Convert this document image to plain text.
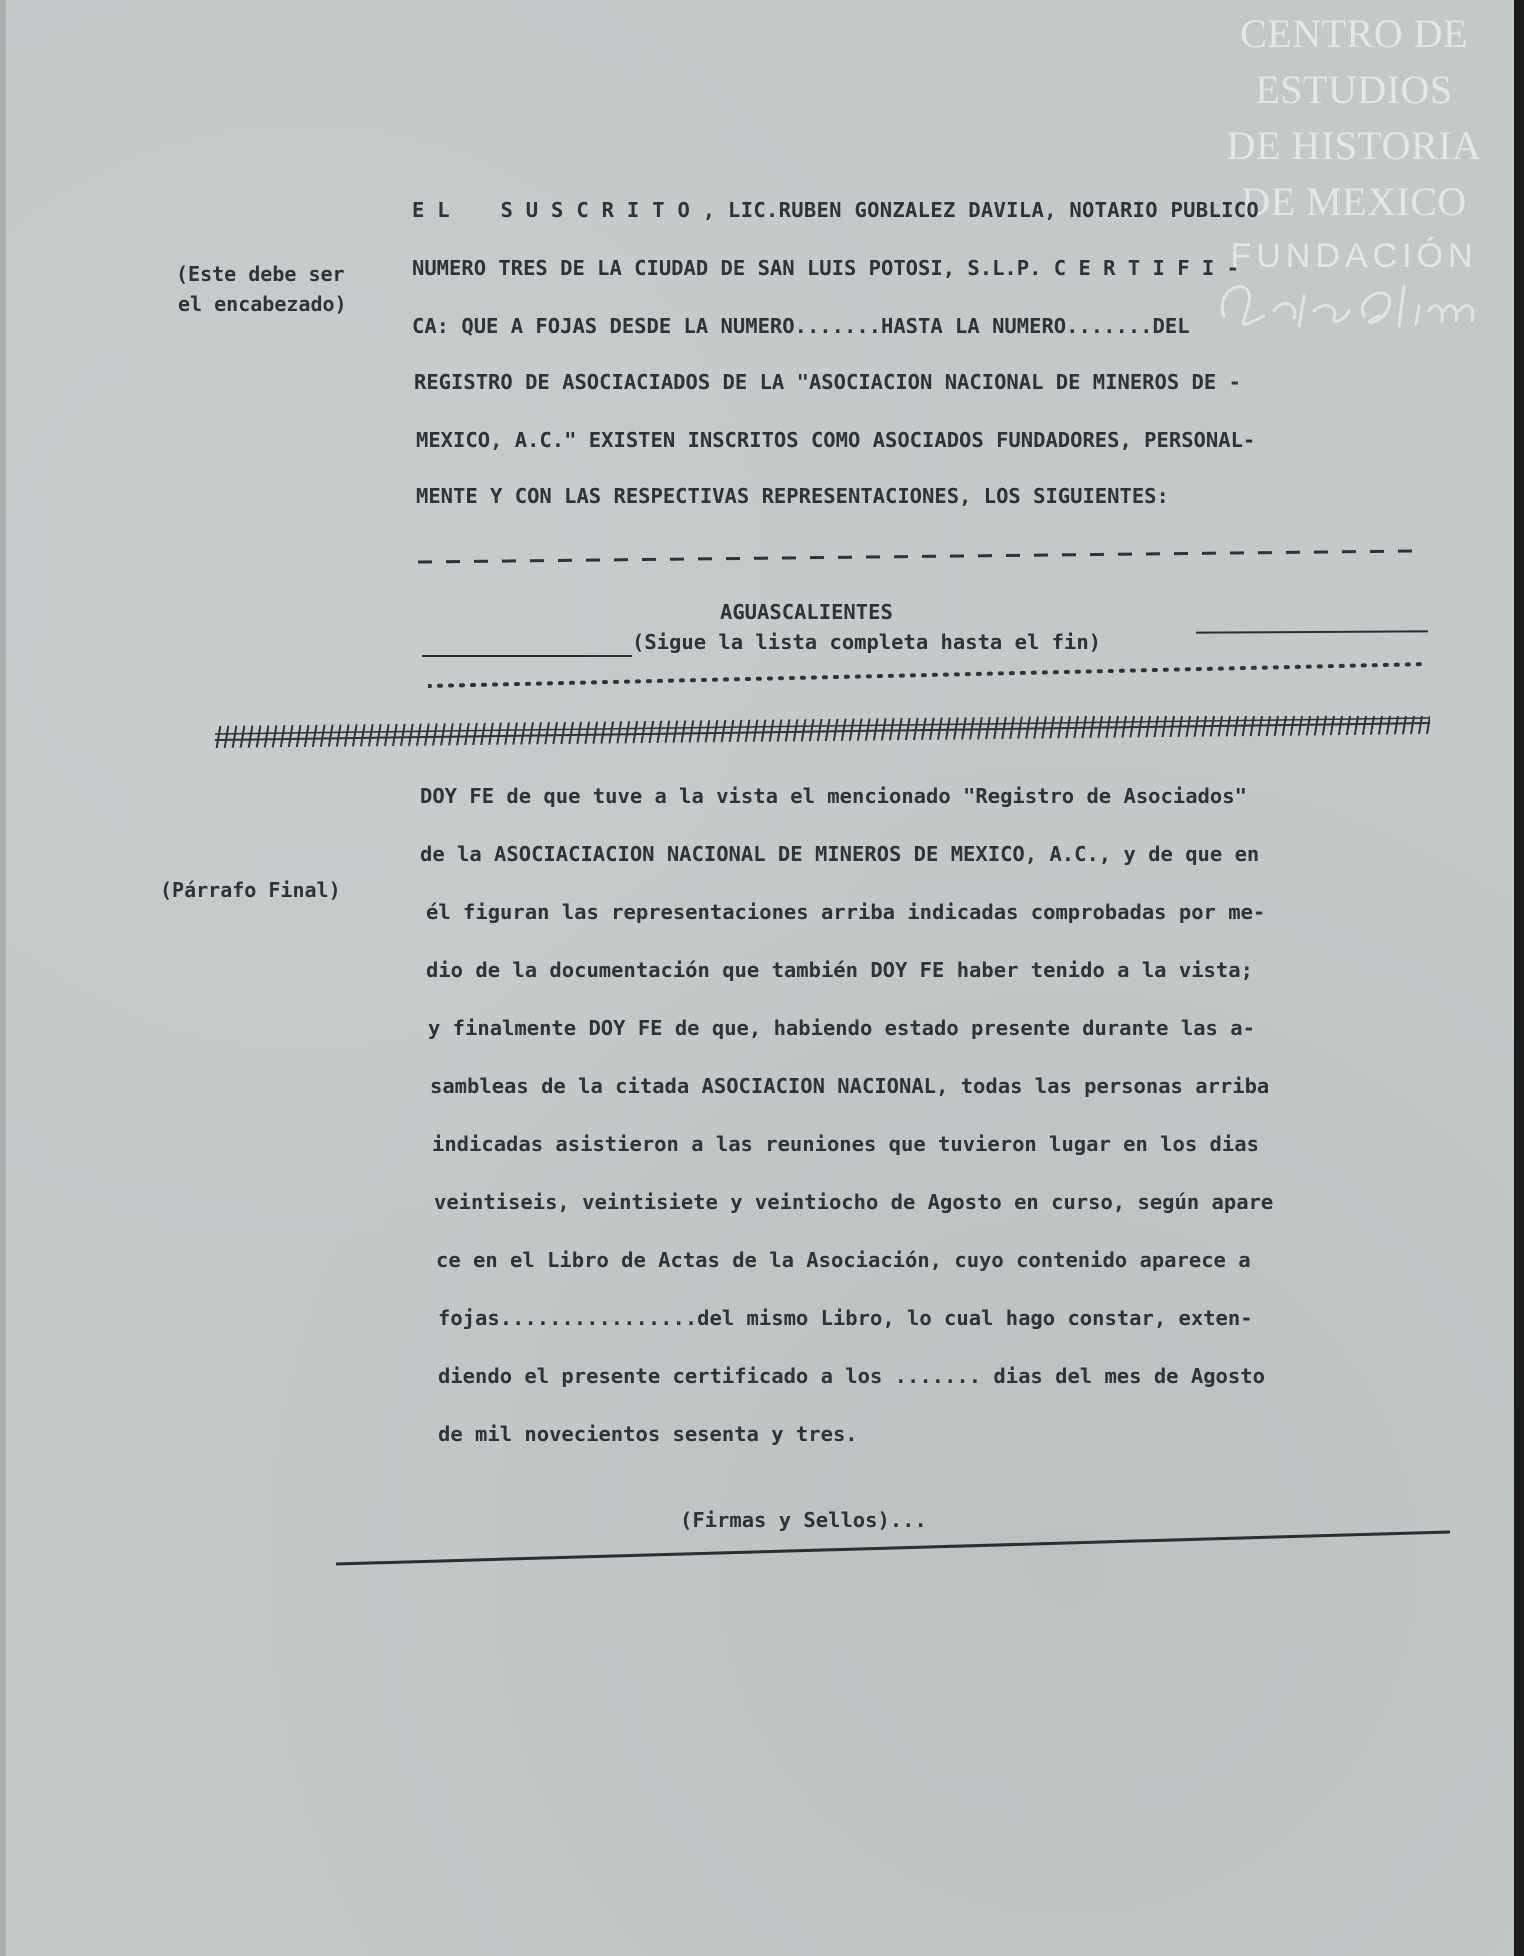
CENTRO DE
ESTUDIOS
DE HISTORIA
DE MEXICO
FUNDACIÓN
(Este debe ser
el encabezado)
(Párrafo Final)
E L    S U S C R I T O , LIC.RUBEN GONZALEZ DAVILA, NOTARIO PUBLICO
NUMERO TRES DE LA CIUDAD DE SAN LUIS POTOSI, S.L.P. C E R T I F I -
CA: QUE A FOJAS DESDE LA NUMERO.......HASTA LA NUMERO.......DEL
REGISTRO DE ASOCIACIADOS DE LA "ASOCIACION NACIONAL DE MINEROS DE -
MEXICO, A.C." EXISTEN INSCRITOS COMO ASOCIADOS FUNDADORES, PERSONAL-
MENTE Y CON LAS RESPECTIVAS REPRESENTACIONES, LOS SIGUIENTES:
AGUASCALIENTES
(Sigue la lista completa hasta el fin)
DOY FE de que tuve a la vista el mencionado "Registro de Asociados"
de la ASOCIACIACION NACIONAL DE MINEROS DE MEXICO, A.C., y de que en
él figuran las representaciones arriba indicadas comprobadas por me-
dio de la documentación que también DOY FE haber tenido a la vista;
y finalmente DOY FE de que, habiendo estado presente durante las a-
sambleas de la citada ASOCIACION NACIONAL, todas las personas arriba
indicadas asistieron a las reuniones que tuvieron lugar en los dias
veintiseis, veintisiete y veintiocho de Agosto en curso, según apare
ce en el Libro de Actas de la Asociación, cuyo contenido aparece a
fojas................del mismo Libro, lo cual hago constar, exten-
diendo el presente certificado a los ....... dias del mes de Agosto
de mil novecientos sesenta y tres.
(Firmas y Sellos)...
